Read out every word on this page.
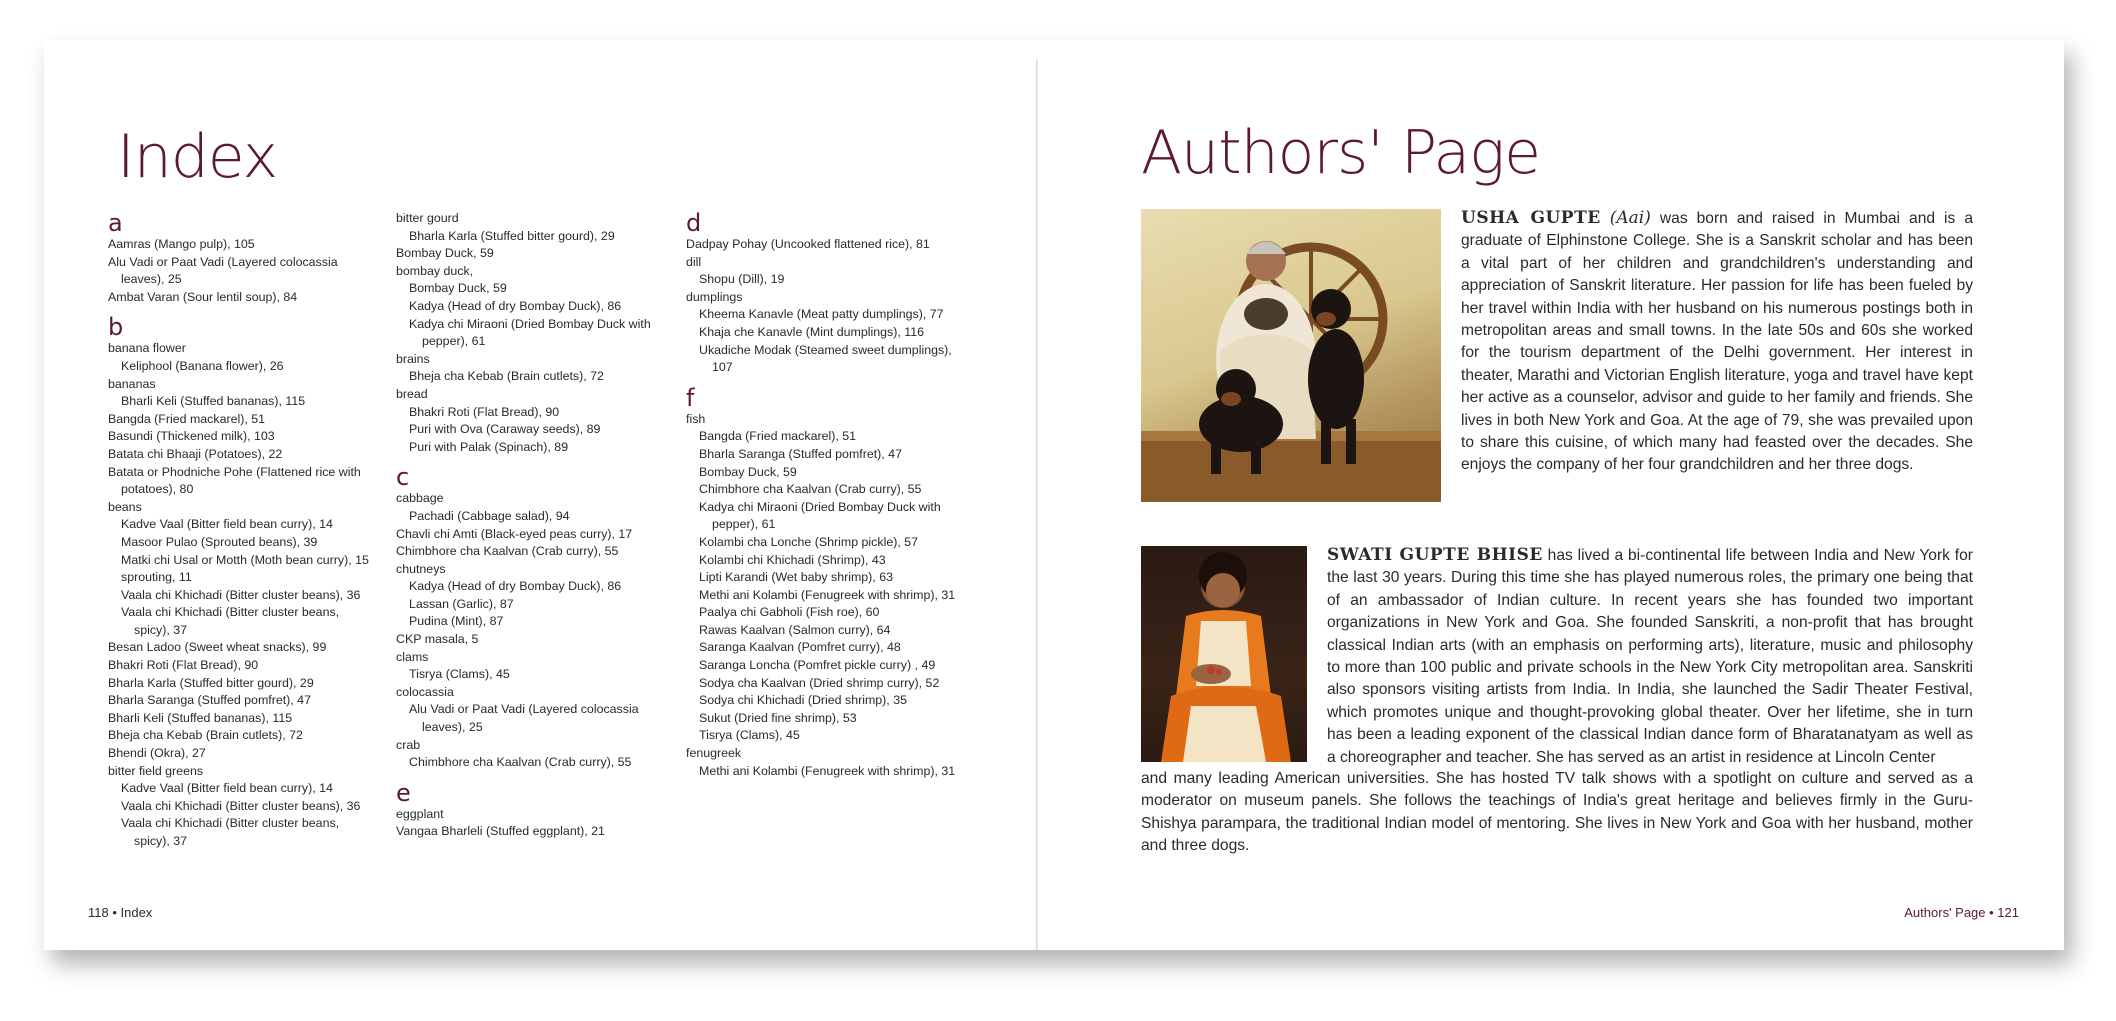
Index
a
Aamras (Mango pulp), 105
Alu Vadi or Paat Vadi (Layered colocassia leaves), 25
Ambat Varan (Sour lentil soup), 84
b
banana flower
Keliphool (Banana flower), 26
bananas
Bharli Keli (Stuffed bananas), 115
Bangda (Fried mackarel), 51
Basundi (Thickened milk), 103
Batata chi Bhaaji (Potatoes), 22
Batata or Phodniche Pohe (Flattened rice with potatoes), 80
beans
Kadve Vaal (Bitter field bean curry), 14
Masoor Pulao (Sprouted beans), 39
Matki chi Usal or Motth (Moth bean curry), 15
sprouting, 11
Vaala chi Khichadi (Bitter cluster beans), 36
Vaala chi Khichadi (Bitter cluster beans, spicy), 37
Besan Ladoo (Sweet wheat snacks), 99
Bhakri Roti (Flat Bread), 90
Bharla Karla (Stuffed bitter gourd), 29
Bharla Saranga (Stuffed pomfret), 47
Bharli Keli (Stuffed bananas), 115
Bheja cha Kebab (Brain cutlets), 72
Bhendi (Okra), 27
bitter field greens
Kadve Vaal (Bitter field bean curry), 14
Vaala chi Khichadi (Bitter cluster beans), 36
Vaala chi Khichadi (Bitter cluster beans, spicy), 37
bitter gourd
Bharla Karla (Stuffed bitter gourd), 29
Bombay Duck, 59
bombay duck,
Bombay Duck, 59
Kadya (Head of dry Bombay Duck), 86
Kadya chi Miraoni (Dried Bombay Duck with pepper), 61
brains
Bheja cha Kebab (Brain cutlets), 72
bread
Bhakri Roti (Flat Bread), 90
Puri with Ova (Caraway seeds), 89
Puri with Palak (Spinach), 89
c
cabbage
Pachadi (Cabbage salad), 94
Chavli chi Amti (Black-eyed peas curry), 17
Chimbhore cha Kaalvan (Crab curry), 55
chutneys
Kadya (Head of dry Bombay Duck), 86
Lassan (Garlic), 87
Pudina (Mint), 87
CKP masala, 5
clams
Tisrya (Clams), 45
colocassia
Alu Vadi or Paat Vadi (Layered colocassia leaves), 25
crab
Chimbhore cha Kaalvan (Crab curry), 55
e
eggplant
Vangaa Bharleli (Stuffed eggplant), 21
d
Dadpay Pohay (Uncooked flattened rice), 81
dill
Shopu (Dill), 19
dumplings
Kheema Kanavle (Meat patty dumplings), 77
Khaja che Kanavle (Mint dumplings), 116
Ukadiche Modak (Steamed sweet dumplings), 107
f
fish
Bangda (Fried mackarel), 51
Bharla Saranga (Stuffed pomfret), 47
Bombay Duck, 59
Chimbhore cha Kaalvan (Crab curry), 55
Kadya chi Miraoni (Dried Bombay Duck with pepper), 61
Kolambi cha Lonche (Shrimp pickle), 57
Kolambi chi Khichadi (Shrimp), 43
Lipti Karandi (Wet baby shrimp), 63
Methi ani Kolambi (Fenugreek with shrimp), 31
Paalya chi Gabholi (Fish roe), 60
Rawas Kaalvan (Salmon curry), 64
Saranga Kaalvan (Pomfret curry), 48
Saranga Loncha (Pomfret pickle curry) , 49
Sodya cha Kaalvan (Dried shrimp curry), 52
Sodya chi Khichadi (Dried shrimp), 35
Sukut (Dried fine shrimp), 53
Tisrya (Clams), 45
fenugreek
Methi ani Kolambi (Fenugreek with shrimp), 31
118 • Index
Authors' Page
USHA GUPTE (Aai) was born and raised in Mumbai and is a graduate of Elphinstone College. She is a Sanskrit scholar and has been a vital part of her children and grandchildren's understanding and appreciation of Sanskrit literature. Her passion for life has been fueled by her travel within India with her husband on his numerous postings both in metropolitan areas and small towns. In the late 50s and 60s she worked for the tourism department of the Delhi government. Her interest in theater, Marathi and Victorian English literature, yoga and travel have kept her active as a counselor, advisor and guide to her family and friends. She lives in both New York and Goa. At the age of 79, she was prevailed upon to share this cuisine, of which many had feasted over the decades. She enjoys the company of her four grandchildren and her three dogs.
SWATI GUPTE BHISE has lived a bi-continental life between India and New York for the last 30 years. During this time she has played numerous roles, the primary one being that of an ambassador of Indian culture. In recent years she has founded two important organizations in New York and Goa. She founded Sanskriti, a non-profit that has brought classical Indian arts (with an emphasis on performing arts), literature, music and philosophy to more than 100 public and private schools in the New York City metropolitan area. Sanskriti also sponsors visiting artists from India. In India, she launched the Sadir Theater Festival, which promotes unique and thought-provoking global theater. Over her lifetime, she in turn has been a leading exponent of the classical Indian dance form of Bharatanatyam as well as a choreographer and teacher. She has served as an artist in residence at Lincoln Center
and many leading American universities. She has hosted TV talk shows with a spotlight on culture and served as a moderator on museum panels. She follows the teachings of India's great heritage and believes firmly in the Guru-Shishya parampara, the traditional Indian model of mentoring. She lives in New York and Goa with her husband, mother and three dogs.
Authors' Page • 121
